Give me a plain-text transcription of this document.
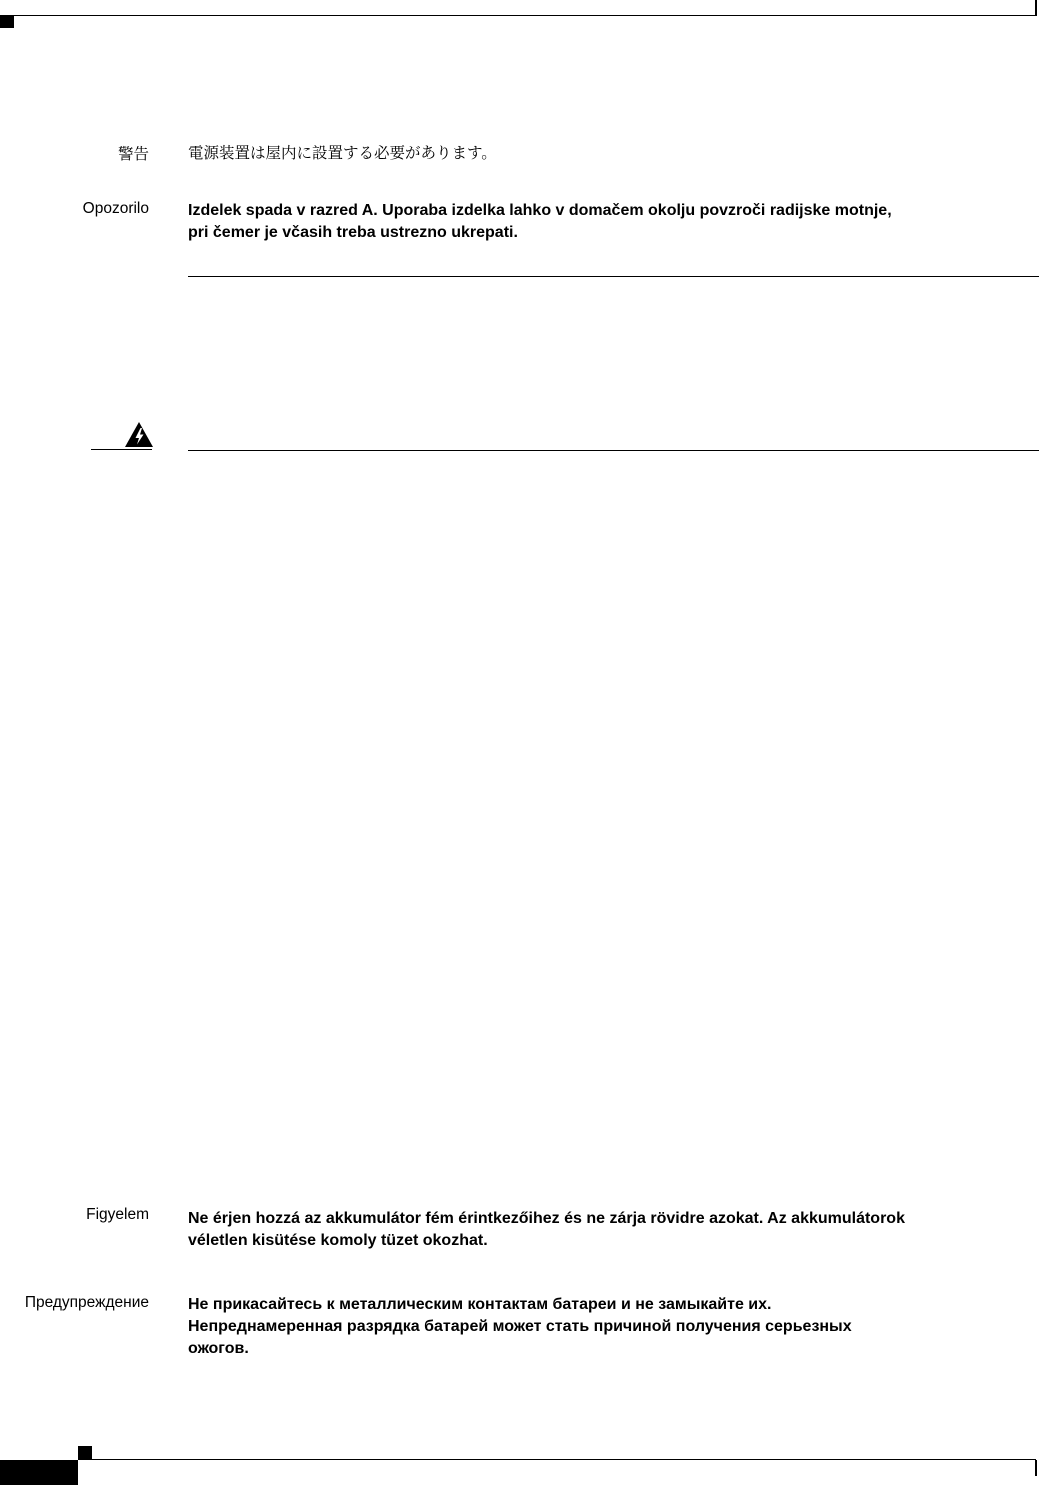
警告	電源装置は屋内に設置する必要があります。
Opozorilo Izdelek spada v razred A. Uporaba izdelka lahko v domačem okolju povzroči radijske motnje,
pri čemer je včasih treba ustrezno ukrepati.
Figyelem Ne érjen hozzá az akkumulátor fém érintkezőihez és ne zárja rövidre azokat. Az akkumulátorok
véletlen kisütése komoly tüzet okozhat.
Предупреждение Не прикасайтесь к металлическим контактам батареи и не замыкайте их.
Непреднамеренная разрядка батарей может стать причиной получения серьезных
ожогов.
